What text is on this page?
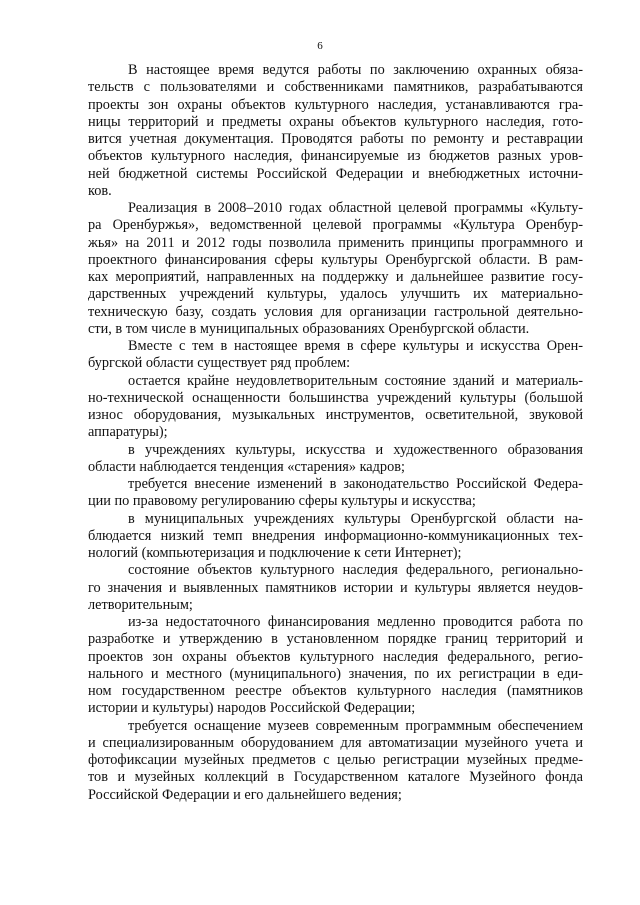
6
В настоящее время ведутся работы по заключению охранных обяза-
тельств с пользователями и собственниками памятников, разрабатываются
проекты зон охраны объектов культурного наследия, устанавливаются гра-
ницы территорий и предметы охраны объектов культурного наследия, гото-
вится учетная документация. Проводятся работы по ремонту и реставрации
объектов культурного наследия, финансируемые из бюджетов разных уров-
ней бюджетной системы Российской Федерации и внебюджетных источни-
ков.
Реализация в 2008–2010 годах областной целевой программы «Культу-
ра Оренбуржья», ведомственной целевой программы «Культура Оренбур-
жья» на 2011 и 2012 годы позволила применить принципы программного и
проектного финансирования сферы культуры Оренбургской области. В рам-
ках мероприятий, направленных на поддержку и дальнейшее развитие госу-
дарственных учреждений культуры, удалось улучшить их материально-
техническую базу, создать условия для организации гастрольной деятельно-
сти, в том числе в муниципальных образованиях Оренбургской области.
Вместе с тем в настоящее время в сфере культуры и искусства Орен-
бургской области существует ряд проблем:
остается крайне неудовлетворительным состояние зданий и материаль-
но-технической оснащенности большинства учреждений культуры (большой
износ оборудования, музыкальных инструментов, осветительной, звуковой
аппаратуры);
в учреждениях культуры, искусства и художественного образования
области наблюдается тенденция «старения» кадров;
требуется внесение изменений в законодательство Российской Федера-
ции по правовому регулированию сферы культуры и искусства;
в муниципальных учреждениях культуры Оренбургской области на-
блюдается низкий темп внедрения информационно-коммуникационных тех-
нологий (компьютеризация и подключение к сети Интернет);
состояние объектов культурного наследия федерального, регионально-
го значения и выявленных памятников истории и культуры является неудов-
летворительным;
из-за недостаточного финансирования медленно проводится работа по
разработке и утверждению в установленном порядке границ территорий и
проектов зон охраны объектов культурного наследия федерального, регио-
нального и местного (муниципального) значения, по их регистрации в еди-
ном государственном реестре объектов культурного наследия (памятников
истории и культуры) народов Российской Федерации;
требуется оснащение музеев современным программным обеспечением
и специализированным оборудованием для автоматизации музейного учета и
фотофиксации музейных предметов с целью регистрации музейных предме-
тов и музейных коллекций в Государственном каталоге Музейного фонда
Российской Федерации и его дальнейшего ведения;
